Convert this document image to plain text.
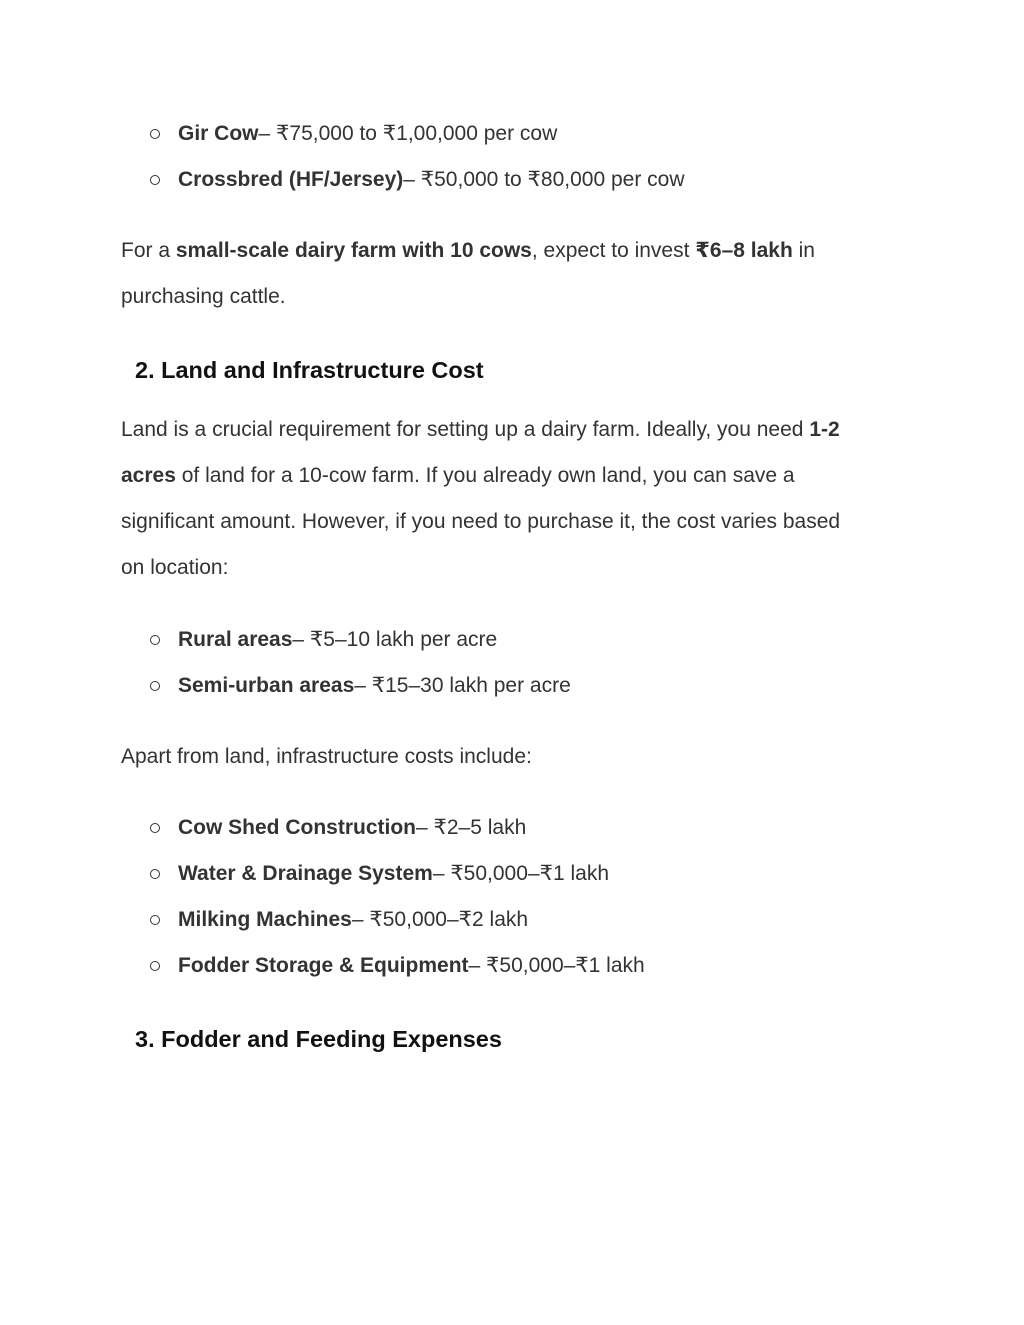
Gir Cow – ₹75,000 to ₹1,00,000 per cow
Crossbred (HF/Jersey) – ₹50,000 to ₹80,000 per cow

For a small-scale dairy farm with 10 cows, expect to invest ₹6–8 lakh in
purchasing cattle.

2. Land and Infrastructure Cost

Land is a crucial requirement for setting up a dairy farm. Ideally, you need 1-2
acres of land for a 10-cow farm. If you already own land, you can save a
significant amount. However, if you need to purchase it, the cost varies based
on location:

Rural areas – ₹5–10 lakh per acre
Semi-urban areas – ₹15–30 lakh per acre

Apart from land, infrastructure costs include:

Cow Shed Construction – ₹2–5 lakh
Water & Drainage System – ₹50,000–₹1 lakh
Milking Machines – ₹50,000–₹2 lakh
Fodder Storage & Equipment – ₹50,000–₹1 lakh
3. Fodder and Feeding Expenses
